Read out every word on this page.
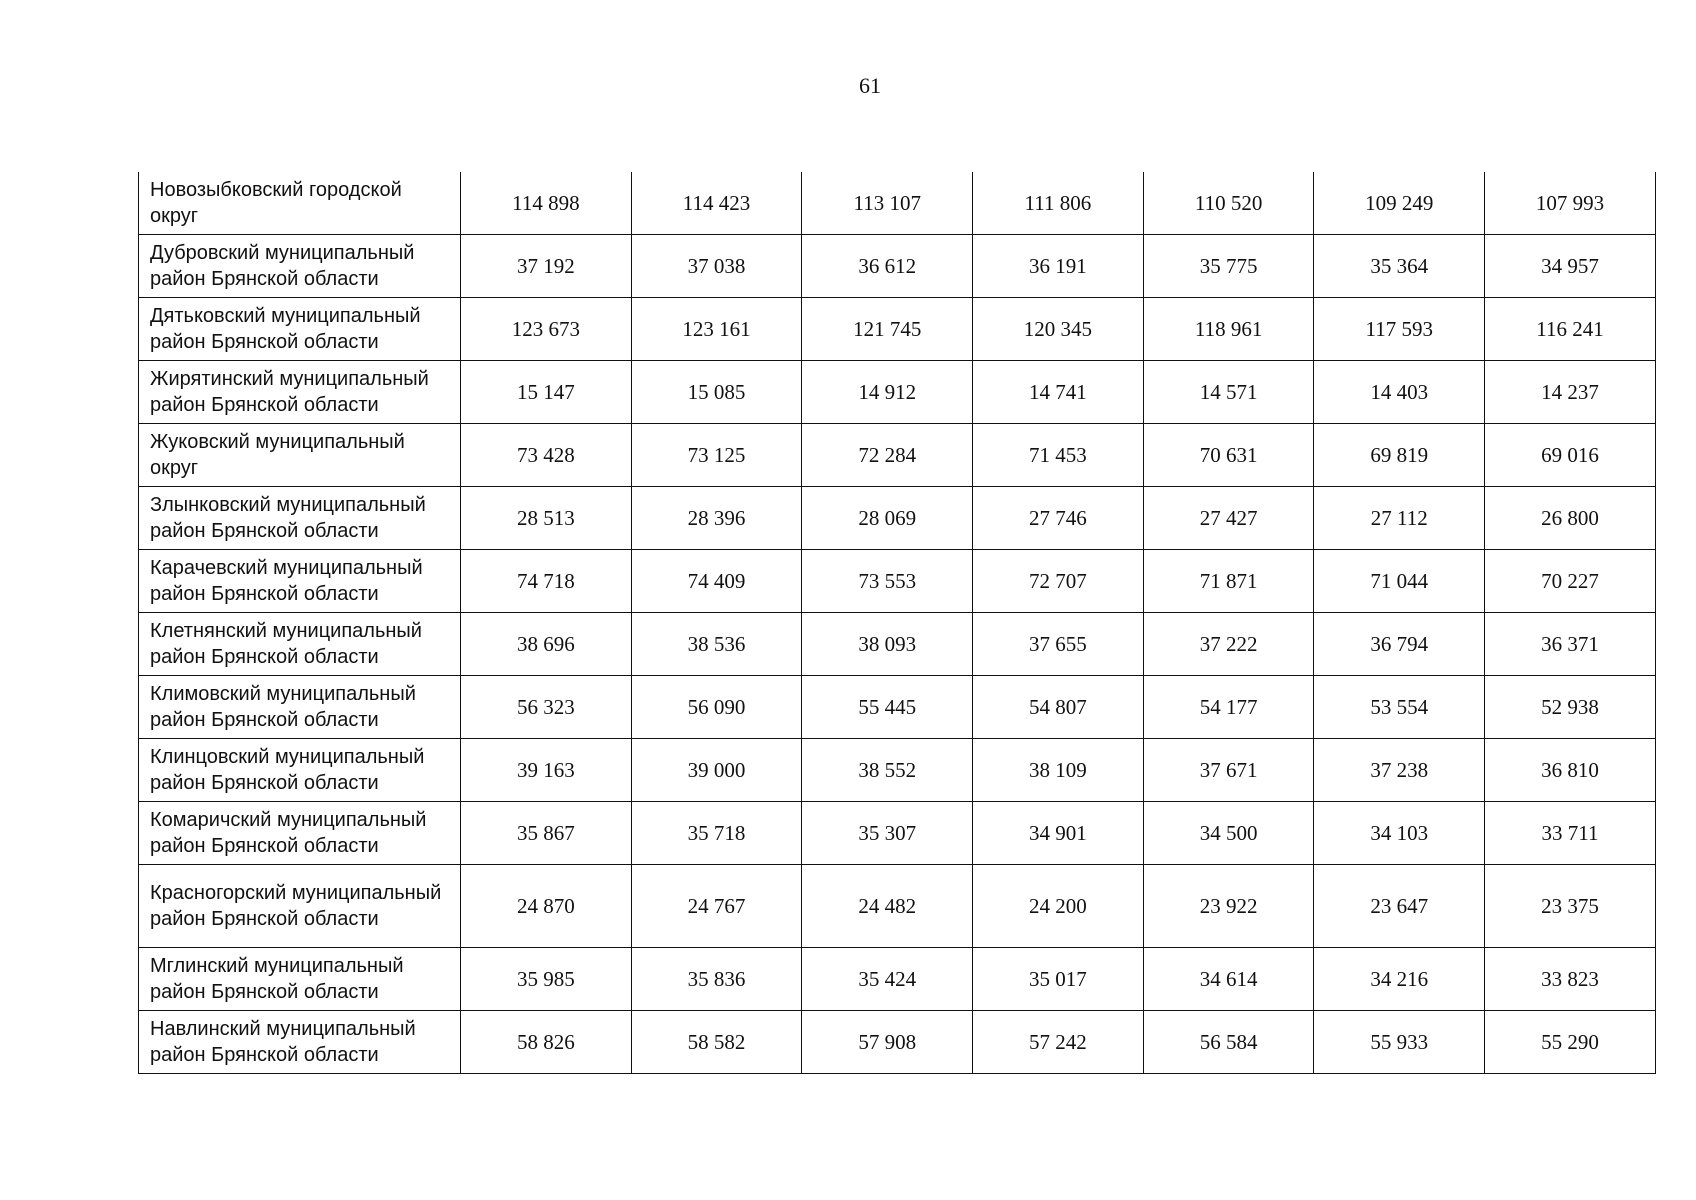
61
Новозыбковский городской округ	114 898	114 423	113 107	111 806	110 520	109 249	107 993
Дубровский муниципальный район Брянской области	37 192	37 038	36 612	36 191	35 775	35 364	34 957
Дятьковский муниципальный район Брянской области	123 673	123 161	121 745	120 345	118 961	117 593	116 241
Жирятинский муниципальный район Брянской области	15 147	15 085	14 912	14 741	14 571	14 403	14 237
Жуковский муниципальный округ	73 428	73 125	72 284	71 453	70 631	69 819	69 016
Злынковский муниципальный район Брянской области	28 513	28 396	28 069	27 746	27 427	27 112	26 800
Карачевский муниципальный район Брянской области	74 718	74 409	73 553	72 707	71 871	71 044	70 227
Клетнянский муниципальный район Брянской области	38 696	38 536	38 093	37 655	37 222	36 794	36 371
Климовский муниципальный район Брянской области	56 323	56 090	55 445	54 807	54 177	53 554	52 938
Клинцовский муниципальный район Брянской области	39 163	39 000	38 552	38 109	37 671	37 238	36 810
Комаричский муниципальный район Брянской области	35 867	35 718	35 307	34 901	34 500	34 103	33 711
Красногорский муниципальный район Брянской области	24 870	24 767	24 482	24 200	23 922	23 647	23 375
Мглинский муниципальный район Брянской области	35 985	35 836	35 424	35 017	34 614	34 216	33 823
Навлинский муниципальный район Брянской области	58 826	58 582	57 908	57 242	56 584	55 933	55 290
